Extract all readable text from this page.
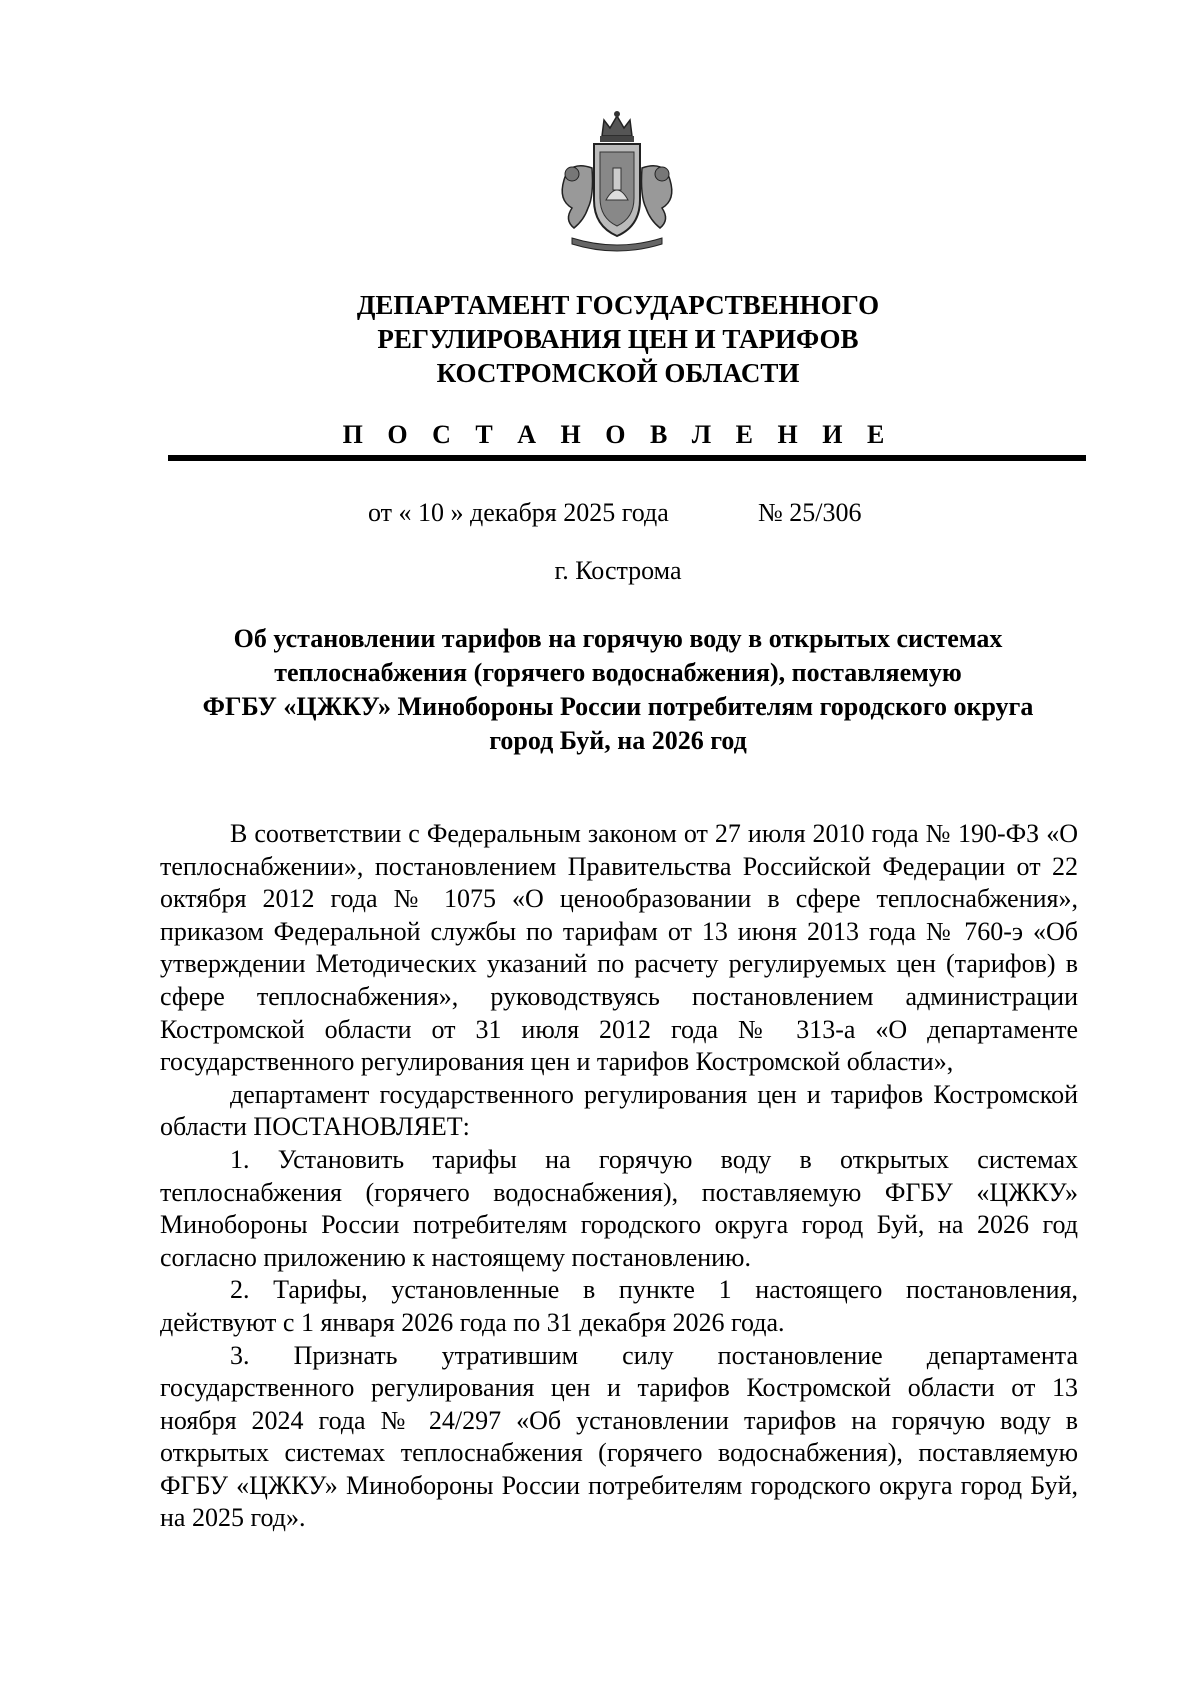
ДЕПАРТАМЕНТ ГОСУДАРСТВЕННОГО
РЕГУЛИРОВАНИЯ ЦЕН И ТАРИФОВ
КОСТРОМСКОЙ ОБЛАСТИ
П О С Т А Н О В Л Е Н И Е
от « 10 » декабря 2025 года	№ 25/306
г. Кострома
Об установлении тарифов на горячую воду в открытых системах
теплоснабжения (горячего водоснабжения), поставляемую
ФГБУ «ЦЖКУ» Минобороны России потребителям городского округа
город Буй, на 2026 год

В соответствии с Федеральным законом от 27 июля 2010 года № 190-ФЗ «О теплоснабжении», постановлением Правительства Российской Федерации от 22 октября 2012 года № 1075 «О ценообразовании в сфере теплоснабжения», приказом Федеральной службы по тарифам от 13 июня 2013 года № 760-э «Об утверждении Методических указаний по расчету регулируемых цен (тарифов) в сфере теплоснабжения», руководствуясь постановлением администрации Костромской области от 31 июля 2012 года № 313-а «О департаменте государственного регулирования цен и тарифов Костромской области»,

департамент государственного регулирования цен и тарифов Костромской области ПОСТАНОВЛЯЕТ:

1. Установить тарифы на горячую воду в открытых системах теплоснабжения (горячего водоснабжения), поставляемую ФГБУ «ЦЖКУ» Минобороны России потребителям городского округа город Буй, на 2026 год согласно приложению к настоящему постановлению.

2. Тарифы, установленные в пункте 1 настоящего постановления, действуют с 1 января 2026 года по 31 декабря 2026 года.

3. Признать утратившим силу постановление департамента государственного регулирования цен и тарифов Костромской области от 13 ноября 2024 года № 24/297 «Об установлении тарифов на горячую воду в открытых системах теплоснабжения (горячего водоснабжения), поставляемую ФГБУ «ЦЖКУ» Минобороны России потребителям городского округа город Буй, на 2025 год».
